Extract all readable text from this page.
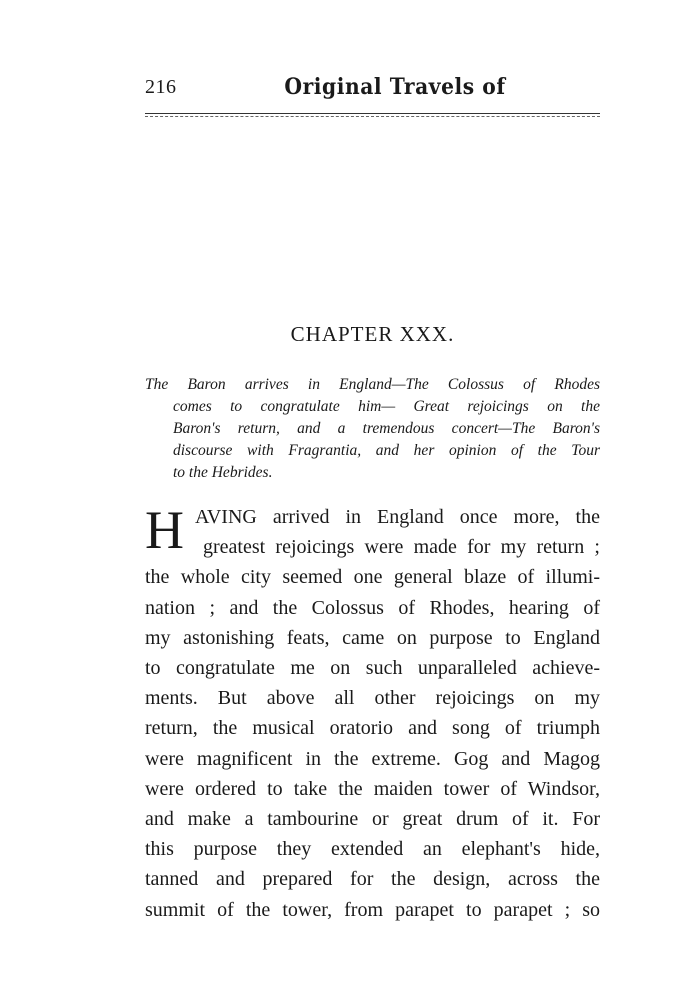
216	Original Travels of
CHAPTER XXX.
The Baron arrives in England—The Colossus of Rhodes
comes to congratulate him— Great rejoicings on the
Baron's return, and a tremendous concert—The Baron's
discourse with Fragrantia, and her opinion of the Tour
to the Hebrides.
H AVING arrived in England once more, the
greatest rejoicings were made for my return ;
the whole city seemed one general blaze of illumi-
nation ; and the Colossus of Rhodes, hearing of
my astonishing feats, came on purpose to England
to congratulate me on such unparalleled achieve-
ments. But above all other rejoicings on my
return, the musical oratorio and song of triumph
were magnificent in the extreme. Gog and Magog
were ordered to take the maiden tower of Windsor,
and make a tambourine or great drum of it. For
this purpose they extended an elephant's hide,
tanned and prepared for the design, across the
summit of the tower, from parapet to parapet ; so
